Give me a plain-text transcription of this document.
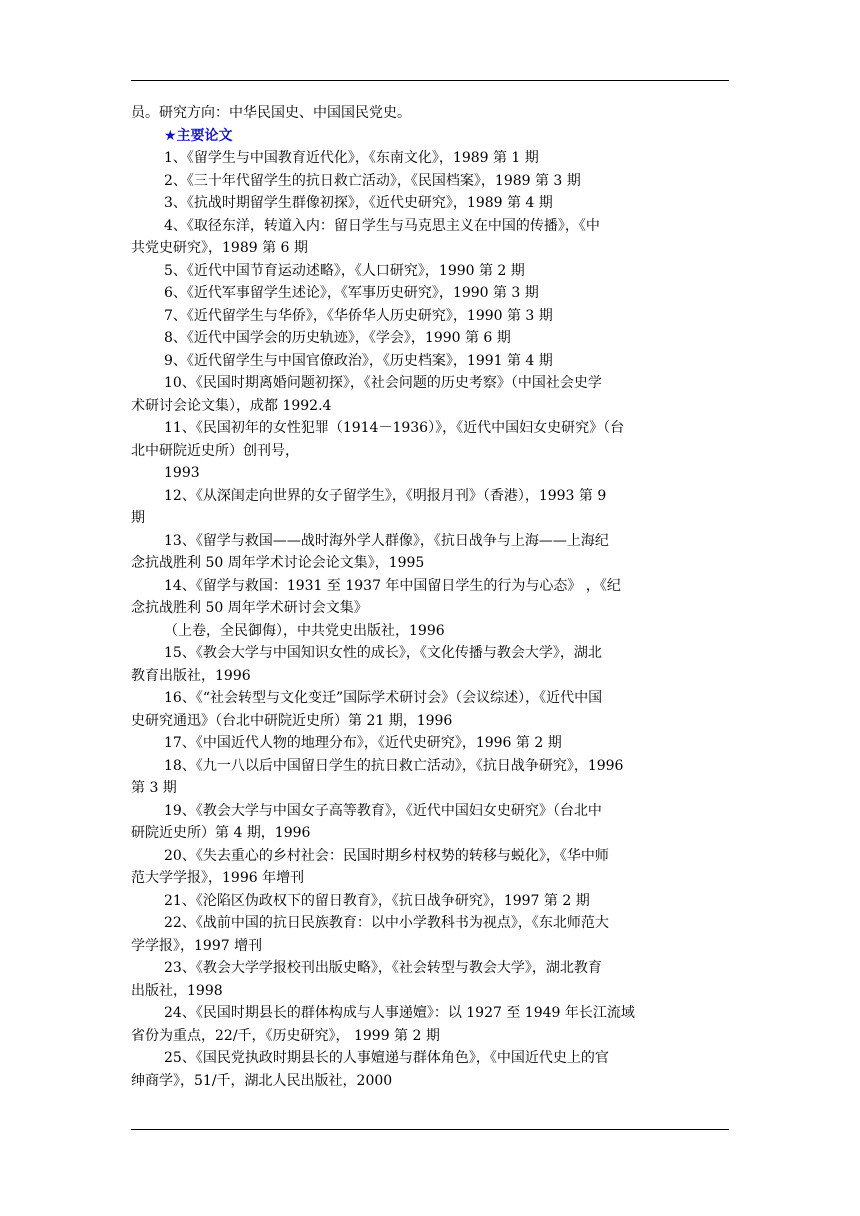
员。研究方向：中华民国史、中国国民党史。
★主要论文
1、《留学生与中国教育近代化》，《东南文化》，1989 第 1 期
2、《三十年代留学生的抗日救亡活动》，《民国档案》，1989 第 3 期
3、《抗战时期留学生群像初探》，《近代史研究》，1989 第 4 期
4、《取径东洋，转道入内：留日学生与马克思主义在中国的传播》，《中
共党史研究》，1989 第 6 期
5、《近代中国节育运动述略》，《人口研究》，1990 第 2 期
6、《近代军事留学生述论》，《军事历史研究》，1990 第 3 期
7、《近代留学生与华侨》，《华侨华人历史研究》，1990 第 3 期
8、《近代中国学会的历史轨迹》，《学会》，1990 第 6 期
9、《近代留学生与中国官僚政治》，《历史档案》，1991 第 4 期
10、《民国时期离婚问题初探》，《社会问题的历史考察》（中国社会史学
术研讨会论文集），成都 1992.4
11、《民国初年的女性犯罪（1914－1936）》，《近代中国妇女史研究》（台
北中研院近史所）创刊号，
1993
12、《从深闺走向世界的女子留学生》，《明报月刊》（香港），1993 第 9
期
13、《留学与救国——战时海外学人群像》，《抗日战争与上海——上海纪
念抗战胜利 50 周年学术讨论会论文集》，1995
14、《留学与救国：1931 至 1937 年中国留日学生的行为与心态》 ，《纪
念抗战胜利 50 周年学术研讨会文集》
（上卷，全民御侮），中共党史出版社，1996
15、《教会大学与中国知识女性的成长》，《文化传播与教会大学》，湖北
教育出版社，1996
16、《“社会转型与文化变迁”国际学术研讨会》（会议综述），《近代中国
史研究通迅》（台北中研院近史所）第 21 期，1996
17、《中国近代人物的地理分布》，《近代史研究》，1996 第 2 期
18、《九一八以后中国留日学生的抗日救亡活动》，《抗日战争研究》，1996
第 3 期
19、《教会大学与中国女子高等教育》，《近代中国妇女史研究》（台北中
研院近史所）第 4 期，1996
20、《失去重心的乡村社会：民国时期乡村权势的转移与蜕化》，《华中师
范大学学报》，1996 年增刊
21、《沦陷区伪政权下的留日教育》，《抗日战争研究》，1997 第 2 期
22、《战前中国的抗日民族教育：以中小学教科书为视点》，《东北师范大
学学报》，1997 增刊
23、《教会大学学报校刊出版史略》，《社会转型与教会大学》，湖北教育
出版社，1998
24、《民国时期县长的群体构成与人事递嬗》：以 1927 至 1949 年长江流域
省份为重点，22/千，《历史研究》， 1999 第 2 期
25、《国民党执政时期县长的人事嬗递与群体角色》，《中国近代史上的官
绅商学》，51/千，湖北人民出版社，2000
